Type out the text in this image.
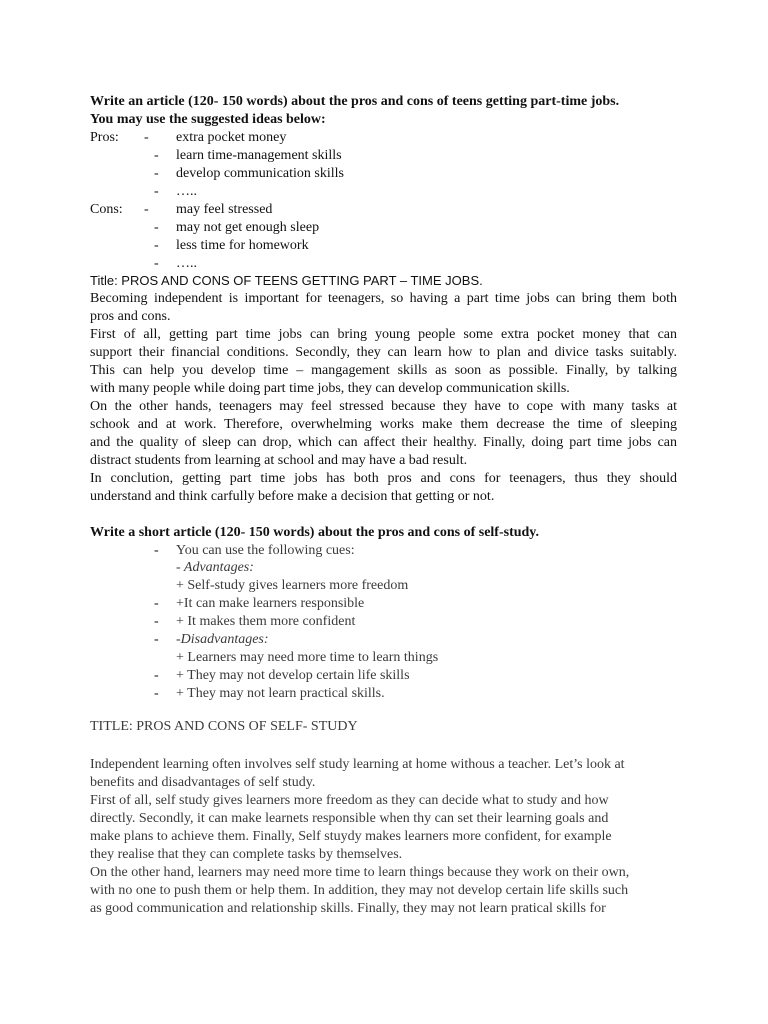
Write an article (120- 150 words) about the pros and cons of teens getting part-time jobs.
You may use the suggested ideas below:
Pros: - extra pocket money
- learn time-management skills
- develop communication skills
- …..
Cons: - may feel stressed
- may not get enough sleep
- less time for homework
- …..
Title: PROS AND CONS OF TEENS GETTING PART – TIME JOBS.
Becoming independent is important for teenagers, so having a part time jobs can bring them both
pros and cons.
First of all, getting part time jobs can bring young people some extra pocket money that can
support their financial conditions. Secondly, they can learn how to plan and divice tasks suitably.
This can help you develop time – mangagement skills as soon as possible. Finally, by talking
with many people while doing part time jobs, they can develop communication skills.
On the other hands, teenagers may feel stressed because they have to cope with many tasks at
schook and at work. Therefore, overwhelming works make them decrease the time of sleeping
and the quality of sleep can drop, which can affect their healthy. Finally, doing part time jobs can
distract students from learning at school and may have a bad result.
In conclution, getting part time jobs has both pros and cons for teenagers, thus they should
understand and think carfully before make a decision that getting or not.
Write a short article (120- 150 words) about the pros and cons of self-study.
- You can use the following cues:
- Advantages:
+ Self-study gives learners more freedom
- +It can make learners responsible
- + It makes them more confident
- -Disadvantages:
+ Learners may need more time to learn things
- + They may not develop certain life skills
- + They may not learn practical skills.
TITLE: PROS AND CONS OF SELF- STUDY
Independent learning often involves self study learning at home withous a teacher. Let’s look at
benefits and disadvantages of self study.
First of all, self study gives learners more freedom as they can decide what to study and how
directly. Secondly, it can make learnets responsible when thy can set their learning goals and
make plans to achieve them. Finally, Self stuydy makes learners more confident, for example
they realise that they can complete tasks by themselves.
On the other hand, learners may need more time to learn things because they work on their own,
with no one to push them or help them. In addition, they may not develop certain life skills such
as good communication and relationship skills. Finally, they may not learn pratical skills for
